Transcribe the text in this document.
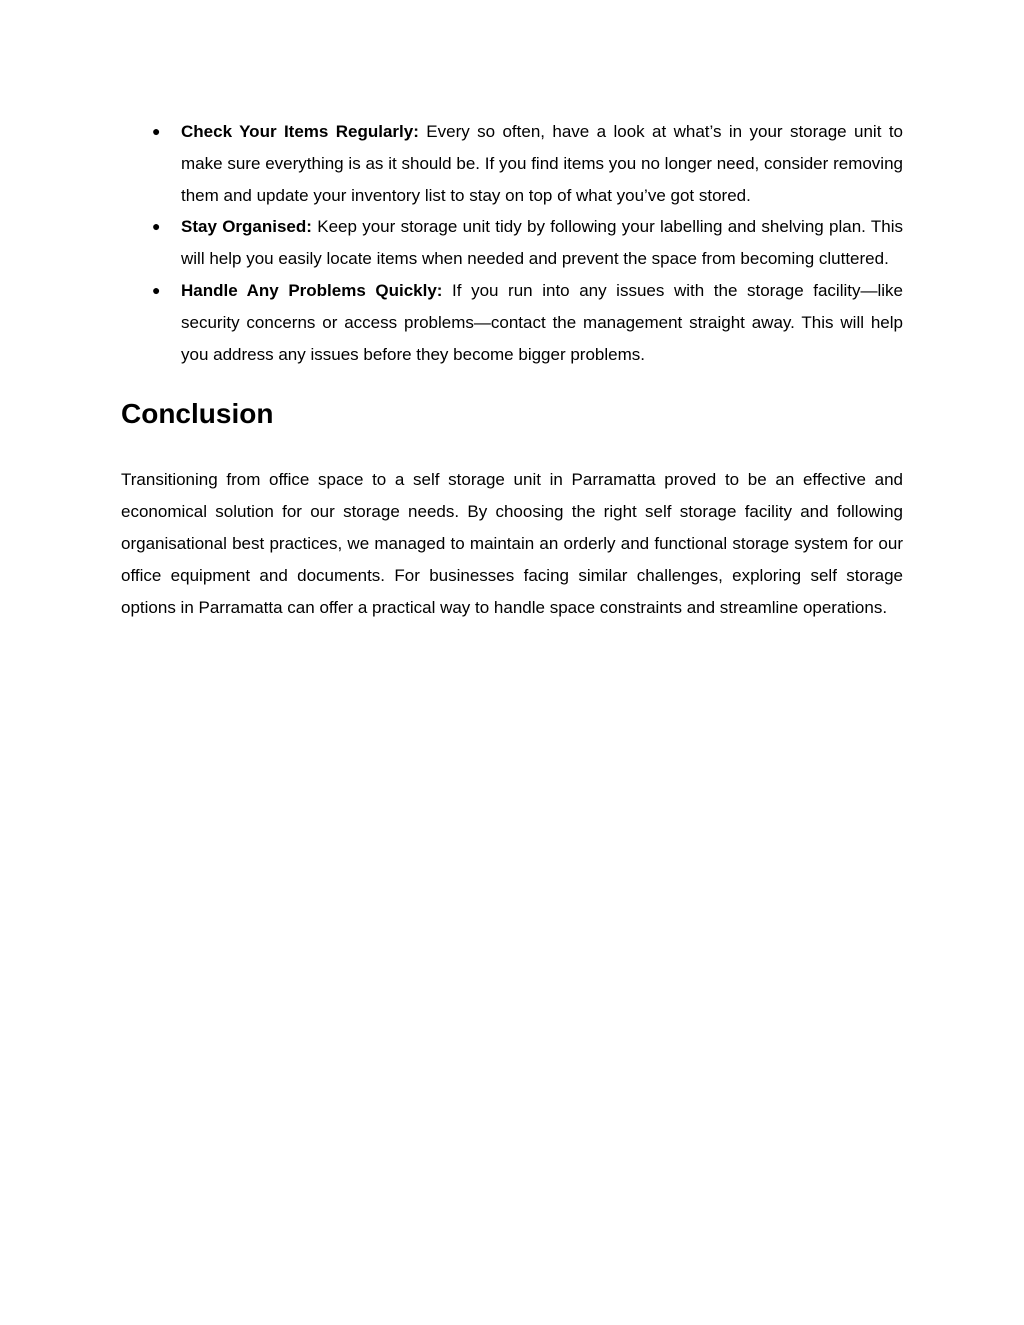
● Check Your Items Regularly: Every so often, have a look at what’s in your storage unit to make sure everything is as it should be. If you find items you no longer need, consider removing them and update your inventory list to stay on top of what you’ve got stored.
● Stay Organised: Keep your storage unit tidy by following your labelling and shelving plan. This will help you easily locate items when needed and prevent the space from becoming cluttered.
● Handle Any Problems Quickly: If you run into any issues with the storage facility—like security concerns or access problems—contact the management straight away. This will help you address any issues before they become bigger problems.
Conclusion

Transitioning from office space to a self storage unit in Parramatta proved to be an effective and economical solution for our storage needs. By choosing the right self storage facility and following organisational best practices, we managed to maintain an orderly and functional storage system for our office equipment and documents. For businesses facing similar challenges, exploring self storage options in Parramatta can offer a practical way to handle space constraints and streamline operations.
